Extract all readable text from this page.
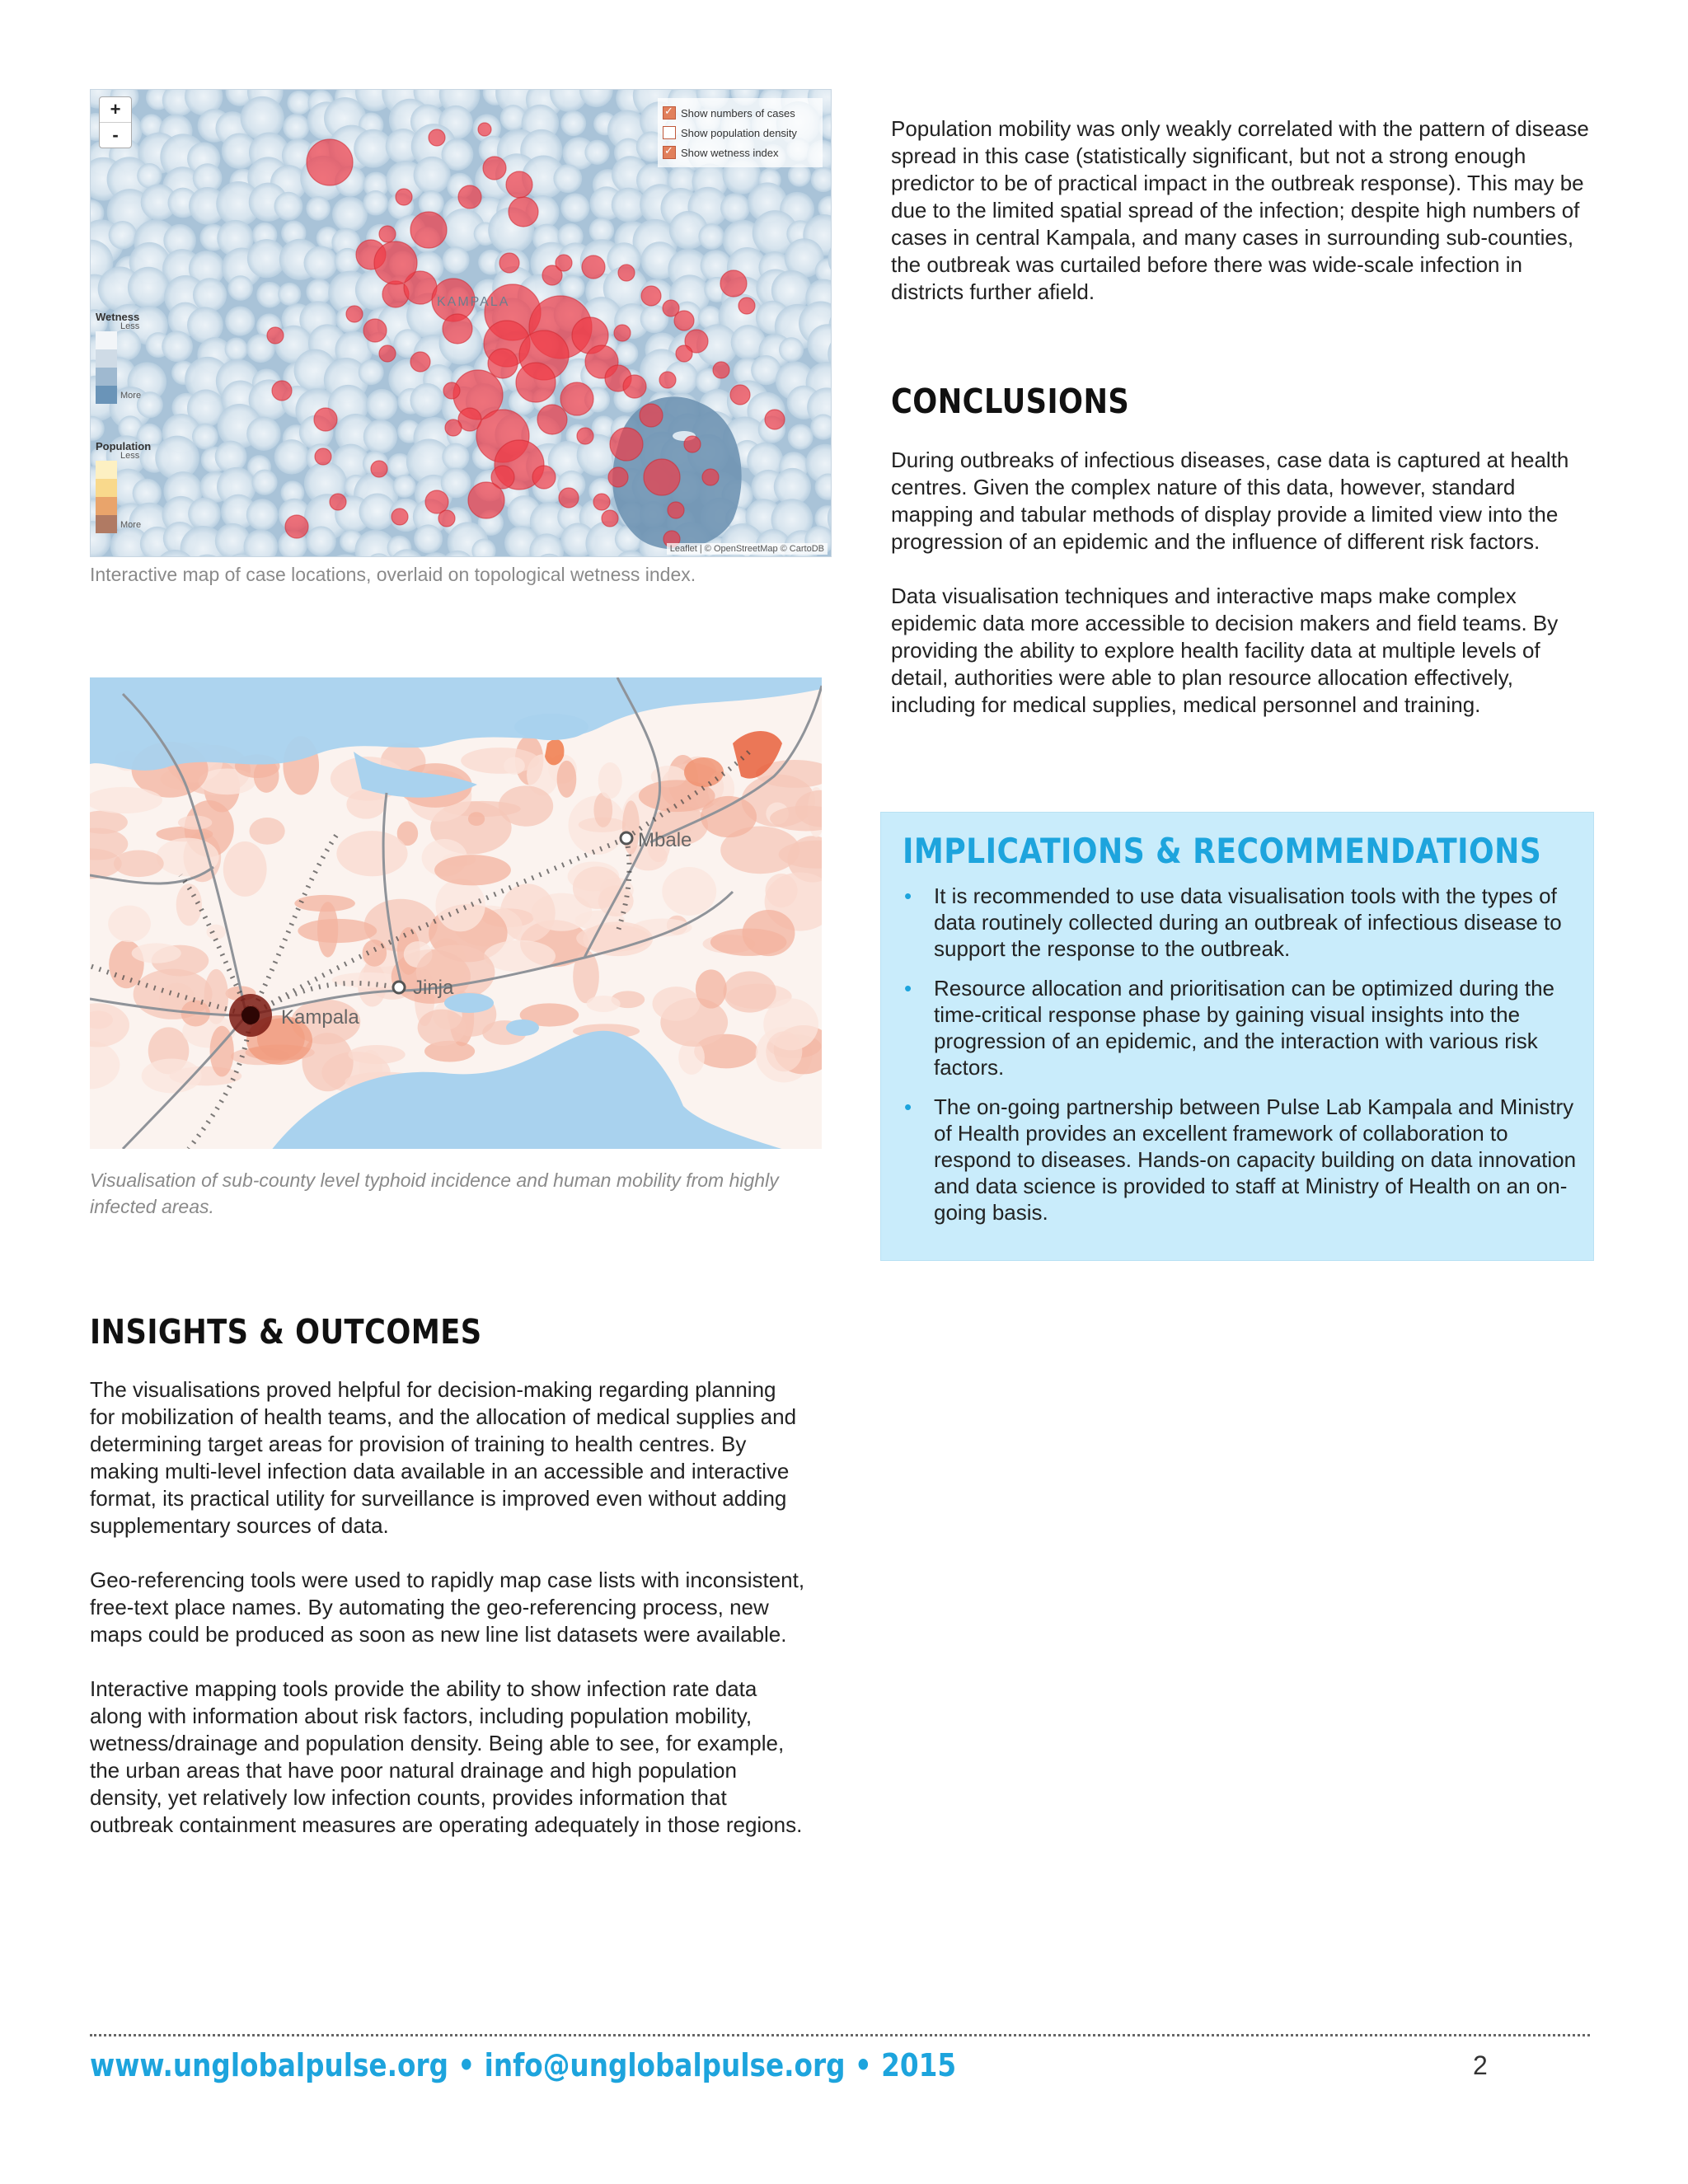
KAMPALA
+
-
✓
Show numbers of cases
Show population density
✓
Show wetness index
Wetness
Less
More
Population
Less
More
Leaflet | © OpenStreetMap © CartoDB
Interactive map of case locations, overlaid on topological wetness index.
Mbale
Jinja
Kampala
Visualisation of sub-county level typhoid incidence and human mobility from highly infected areas.
Population mobility was only weakly correlated with the pattern of disease spread in this case (statistically significant, but not a strong enough predictor to be of practical impact in the outbreak response). This may be due to the limited spatial spread of the infection; despite high numbers of cases in central Kampala, and many cases in surrounding sub-counties, the outbreak was curtailed before there was wide-scale infection in districts further afield.
CONCLUSIONS

During outbreaks of infectious diseases, case data is captured at health centres. Given the complex nature of this data, however, standard mapping and tabular methods of display provide a limited view into the progression of an epidemic and the influence of different risk factors.

Data visualisation techniques and interactive maps make complex epidemic data more accessible to decision makers and field teams. By providing the ability to explore health facility data at multiple levels of detail, authorities were able to plan resource allocation effectively, including for medical supplies, medical personnel and training.

IMPLICATIONS & RECOMMENDATIONS
• It is recommended to use data visualisation tools with the types of data routinely collected during an outbreak of infectious disease to support the response to the outbreak.
• Resource allocation and prioritisation can be optimized during the time-critical response phase by gaining visual insights into the progression of an epidemic, and the interaction with various risk factors.
• The on-going partnership between Pulse Lab Kampala and Ministry of Health provides an excellent framework of collaboration to respond to diseases. Hands-on capacity building on data innovation and data science is provided to staff at Ministry of Health on an on-going basis.
INSIGHTS & OUTCOMES

The visualisations proved helpful for decision-making regarding planning for mobilization of health teams, and the allocation of medical supplies and determining target areas for provision of training to health centres. By making multi-level infection data available in an accessible and interactive format, its practical utility for surveillance is improved even without adding supplementary sources of data.

Geo-referencing tools were used to rapidly map case lists with inconsistent, free-text place names. By automating the geo-referencing process, new maps could be produced as soon as new line list datasets were available.

Interactive mapping tools provide the ability to show infection rate data along with information about risk factors, including population mobility, wetness/drainage and population density. Being able to see, for example, the urban areas that have poor natural drainage and high population density, yet relatively low infection counts, provides information that outbreak containment measures are operating adequately in those regions.

www.unglobalpulse.org • info@unglobalpulse.org • 2015	2
